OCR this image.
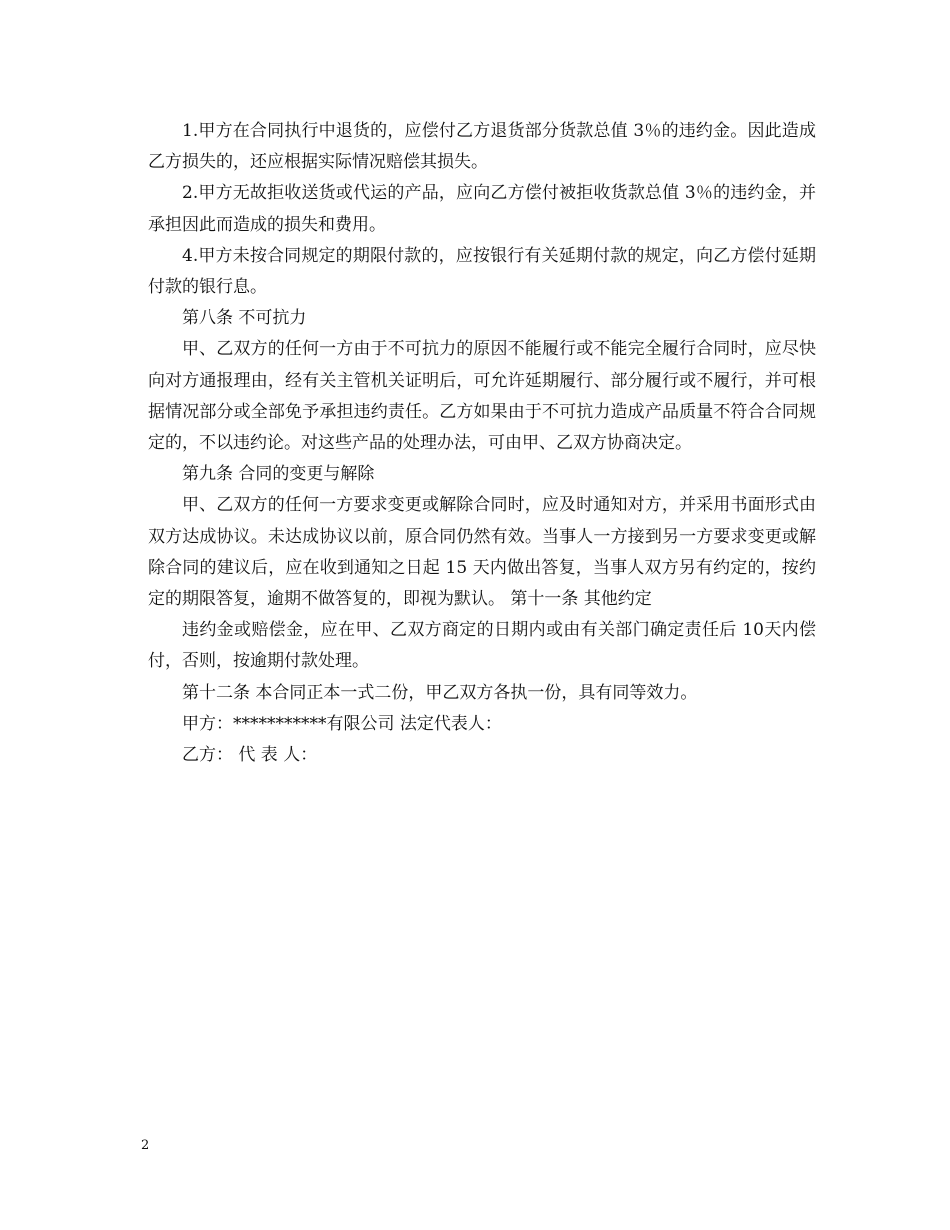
1.甲方在合同执行中退货的，应偿付乙方退货部分货款总值 3％的违约金。因此造成乙方损失的，还应根据实际情况赔偿其损失。

2.甲方无故拒收送货或代运的产品，应向乙方偿付被拒收货款总值 3％的违约金，并承担因此而造成的损失和费用。

4.甲方未按合同规定的期限付款的，应按银行有关延期付款的规定，向乙方偿付延期付款的银行息。

第八条 不可抗力

甲、乙双方的任何一方由于不可抗力的原因不能履行或不能完全履行合同时，应尽快向对方通报理由，经有关主管机关证明后，可允许延期履行、部分履行或不履行，并可根据情况部分或全部免予承担违约责任。乙方如果由于不可抗力造成产品质量不符合合同规定的，不以违约论。对这些产品的处理办法，可由甲、乙双方协商决定。

第九条 合同的变更与解除

甲、乙双方的任何一方要求变更或解除合同时，应及时通知对方，并采用书面形式由双方达成协议。未达成协议以前，原合同仍然有效。当事人一方接到另一方要求变更或解除合同的建议后，应在收到通知之日起 15 天内做出答复，当事人双方另有约定的，按约定的期限答复，逾期不做答复的，即视为默认。 第十一条 其他约定

违约金或赔偿金，应在甲、乙双方商定的日期内或由有关部门确定责任后 10天内偿付，否则，按逾期付款处理。

第十二条 本合同正本一式二份，甲乙双方各执一份，具有同等效力。

甲方：***********有限公司 法定代表人：

乙方： 代 表 人：

2
